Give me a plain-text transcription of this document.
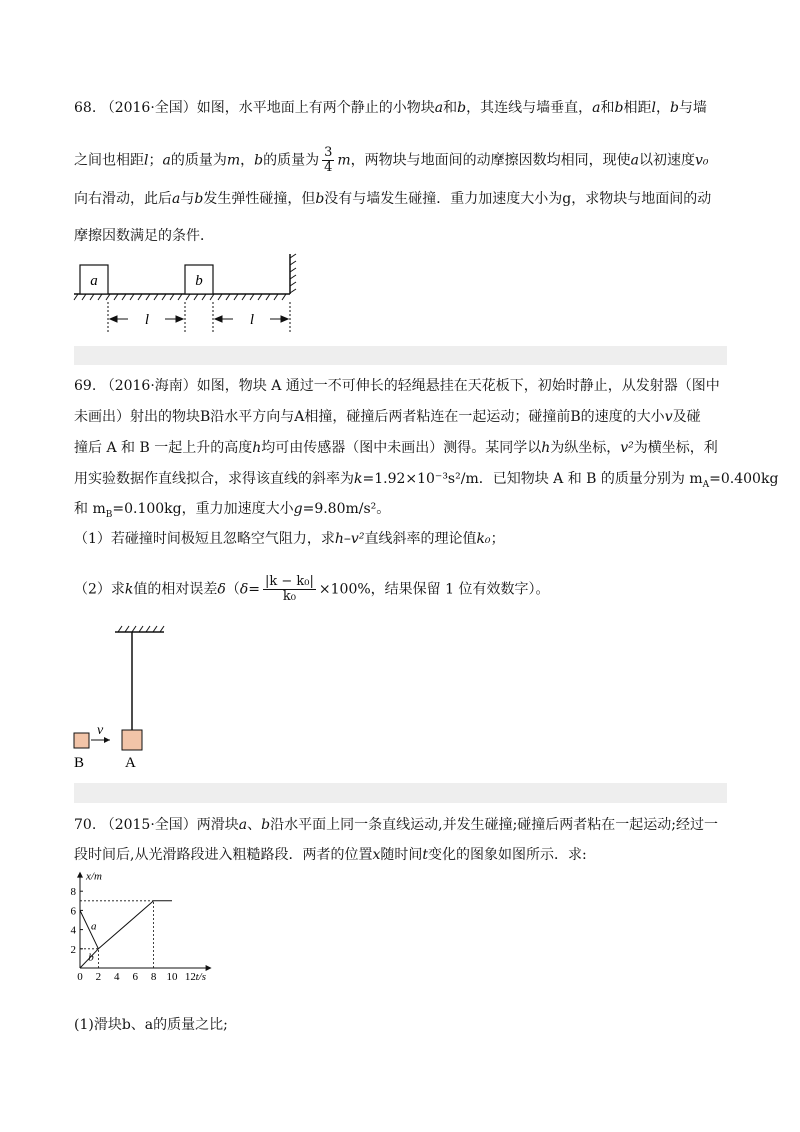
68. （2016·全国）如图，水平地面上有两个静止的小物块a和b，其连线与墙垂直，a和b相距l，b与墙
之间也相距l；a的质量为m，b的质量为 $\frac{3}{4}$ m，两物块与地面间的动摩擦因数均相同，现使a以初速度v₀
向右滑动，此后a与b发生弹性碰撞，但b没有与墙发生碰撞．重力加速度大小为g，求物块与地面间的动
摩擦因数满足的条件．
a	b
l	l
69. （2016·海南）如图，物块 A 通过一不可伸长的轻绳悬挂在天花板下，初始时静止，从发射器（图中
未画出）射出的物块B沿水平方向与A相撞，碰撞后两者粘连在一起运动；碰撞前B的速度的大小v及碰
撞后 A 和 B 一起上升的高度h均可由传感器（图中未画出）测得。某同学以h为纵坐标，v²为横坐标，利
用实验数据作直线拟合，求得该直线的斜率为k=1.92×10⁻³s²/m．已知物块 A 和 B 的质量分别为 $m_A=0.400kg$
和 $m_B=0.100kg$，重力加速度大小g=9.80m/s²。
（1）若碰撞时间极短且忽略空气阻力，求h–v²直线斜率的理论值k₀；
（2）求k值的相对误差$\delta(\delta= \frac{\text{|k − k₀|}}{\text{k₀}} \times 100\%$，结果保留 1 位有效数字）。
v
B	A
70. （2015·全国）两滑块a、b沿水平面上同一条直线运动,并发生碰撞;碰撞后两者粘在一起运动;经过一
段时间后,从光滑路段进入粗糙路段．两者的位置x随时间t变化的图象如图所示．求:
x/m
t/s
0 2 4 6 8 10 12
2
4
6
8
a
b
(1)滑块b、a的质量之比;
